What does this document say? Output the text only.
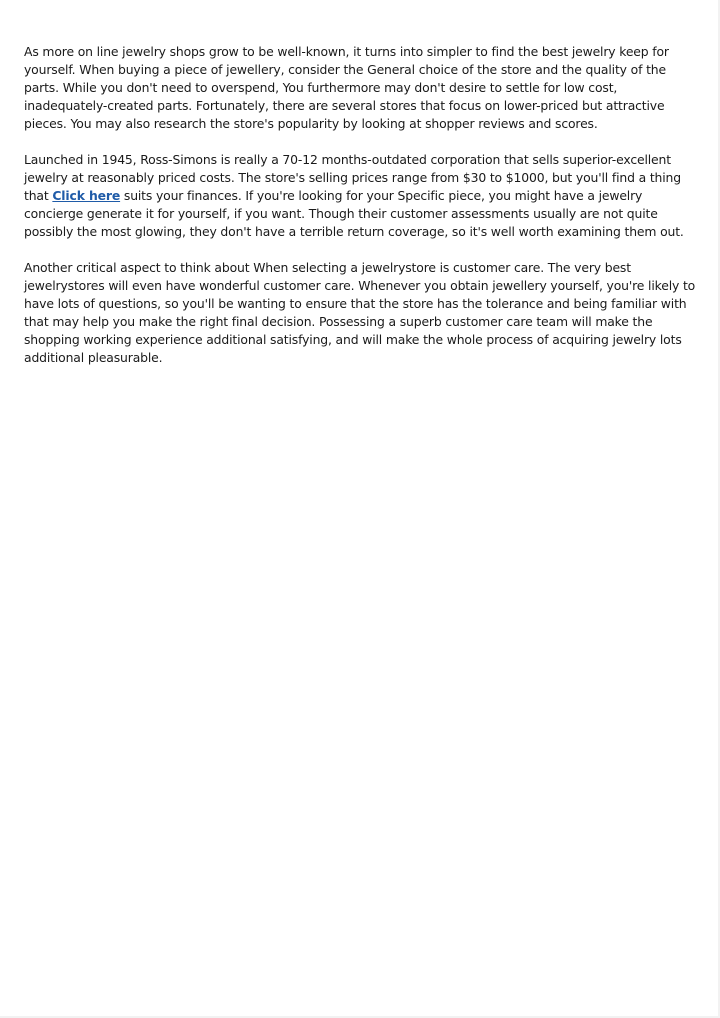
As more on line jewelry shops grow to be well-known, it turns into simpler to find the best jewelry keep for yourself. When buying a piece of jewellery, consider the General choice of the store and the quality of the parts. While you don't need to overspend, You furthermore may don't desire to settle for low cost, inadequately-created parts. Fortunately, there are several stores that focus on lower-priced but attractive pieces. You may also research the store's popularity by looking at shopper reviews and scores.

Launched in 1945, Ross-Simons is really a 70-12 months-outdated corporation that sells superior-excellent jewelry at reasonably priced costs. The store's selling prices range from $30 to $1000, but you'll find a thing that Click here suits your finances. If you're looking for your Specific piece, you might have a jewelry concierge generate it for yourself, if you want. Though their customer assessments usually are not quite possibly the most glowing, they don't have a terrible return coverage, so it's well worth examining them out.

Another critical aspect to think about When selecting a jewelrystore is customer care. The very best jewelrystores will even have wonderful customer care. Whenever you obtain jewellery yourself, you're likely to have lots of questions, so you'll be wanting to ensure that the store has the tolerance and being familiar with that may help you make the right final decision. Possessing a superb customer care team will make the shopping working experience additional satisfying, and will make the whole process of acquiring jewelry lots additional pleasurable.
